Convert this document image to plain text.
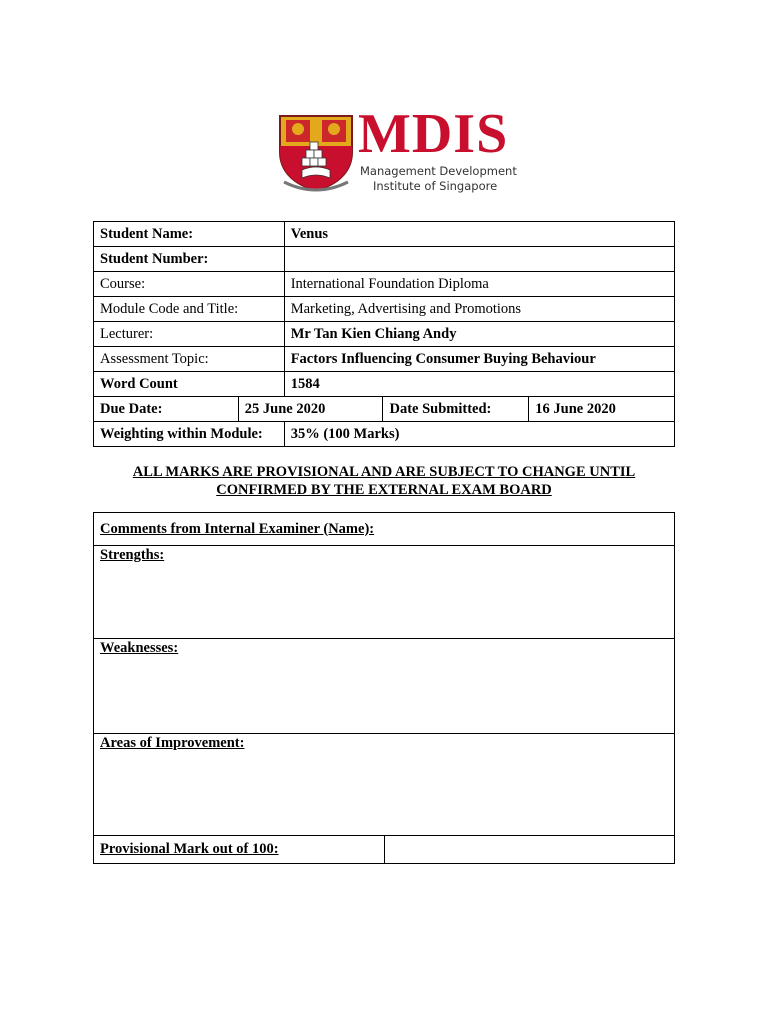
MDIS
Management Development
Institute of Singapore
Student Name:		Venus		
Student Number:				
Course:		International Foundation Diploma		
Module Code and Title:		Marketing, Advertising and Promotions		
Lecturer:		Mr Tan Kien Chiang Andy		
Assessment Topic:		Factors Influencing Consumer Buying Behaviour		
Word Count		1584		
Due Date:	25 June 2020		Date Submitted:	16 June 2020
Weighting within Module:		35% (100 Marks)		
ALL MARKS ARE PROVISIONAL AND ARE SUBJECT TO CHANGE UNTIL
CONFIRMED BY THE EXTERNAL EXAM BOARD
Comments from Internal Examiner (Name):
Strengths:
Weaknesses:
Areas of Improvement:
Provisional Mark out of 100:	
